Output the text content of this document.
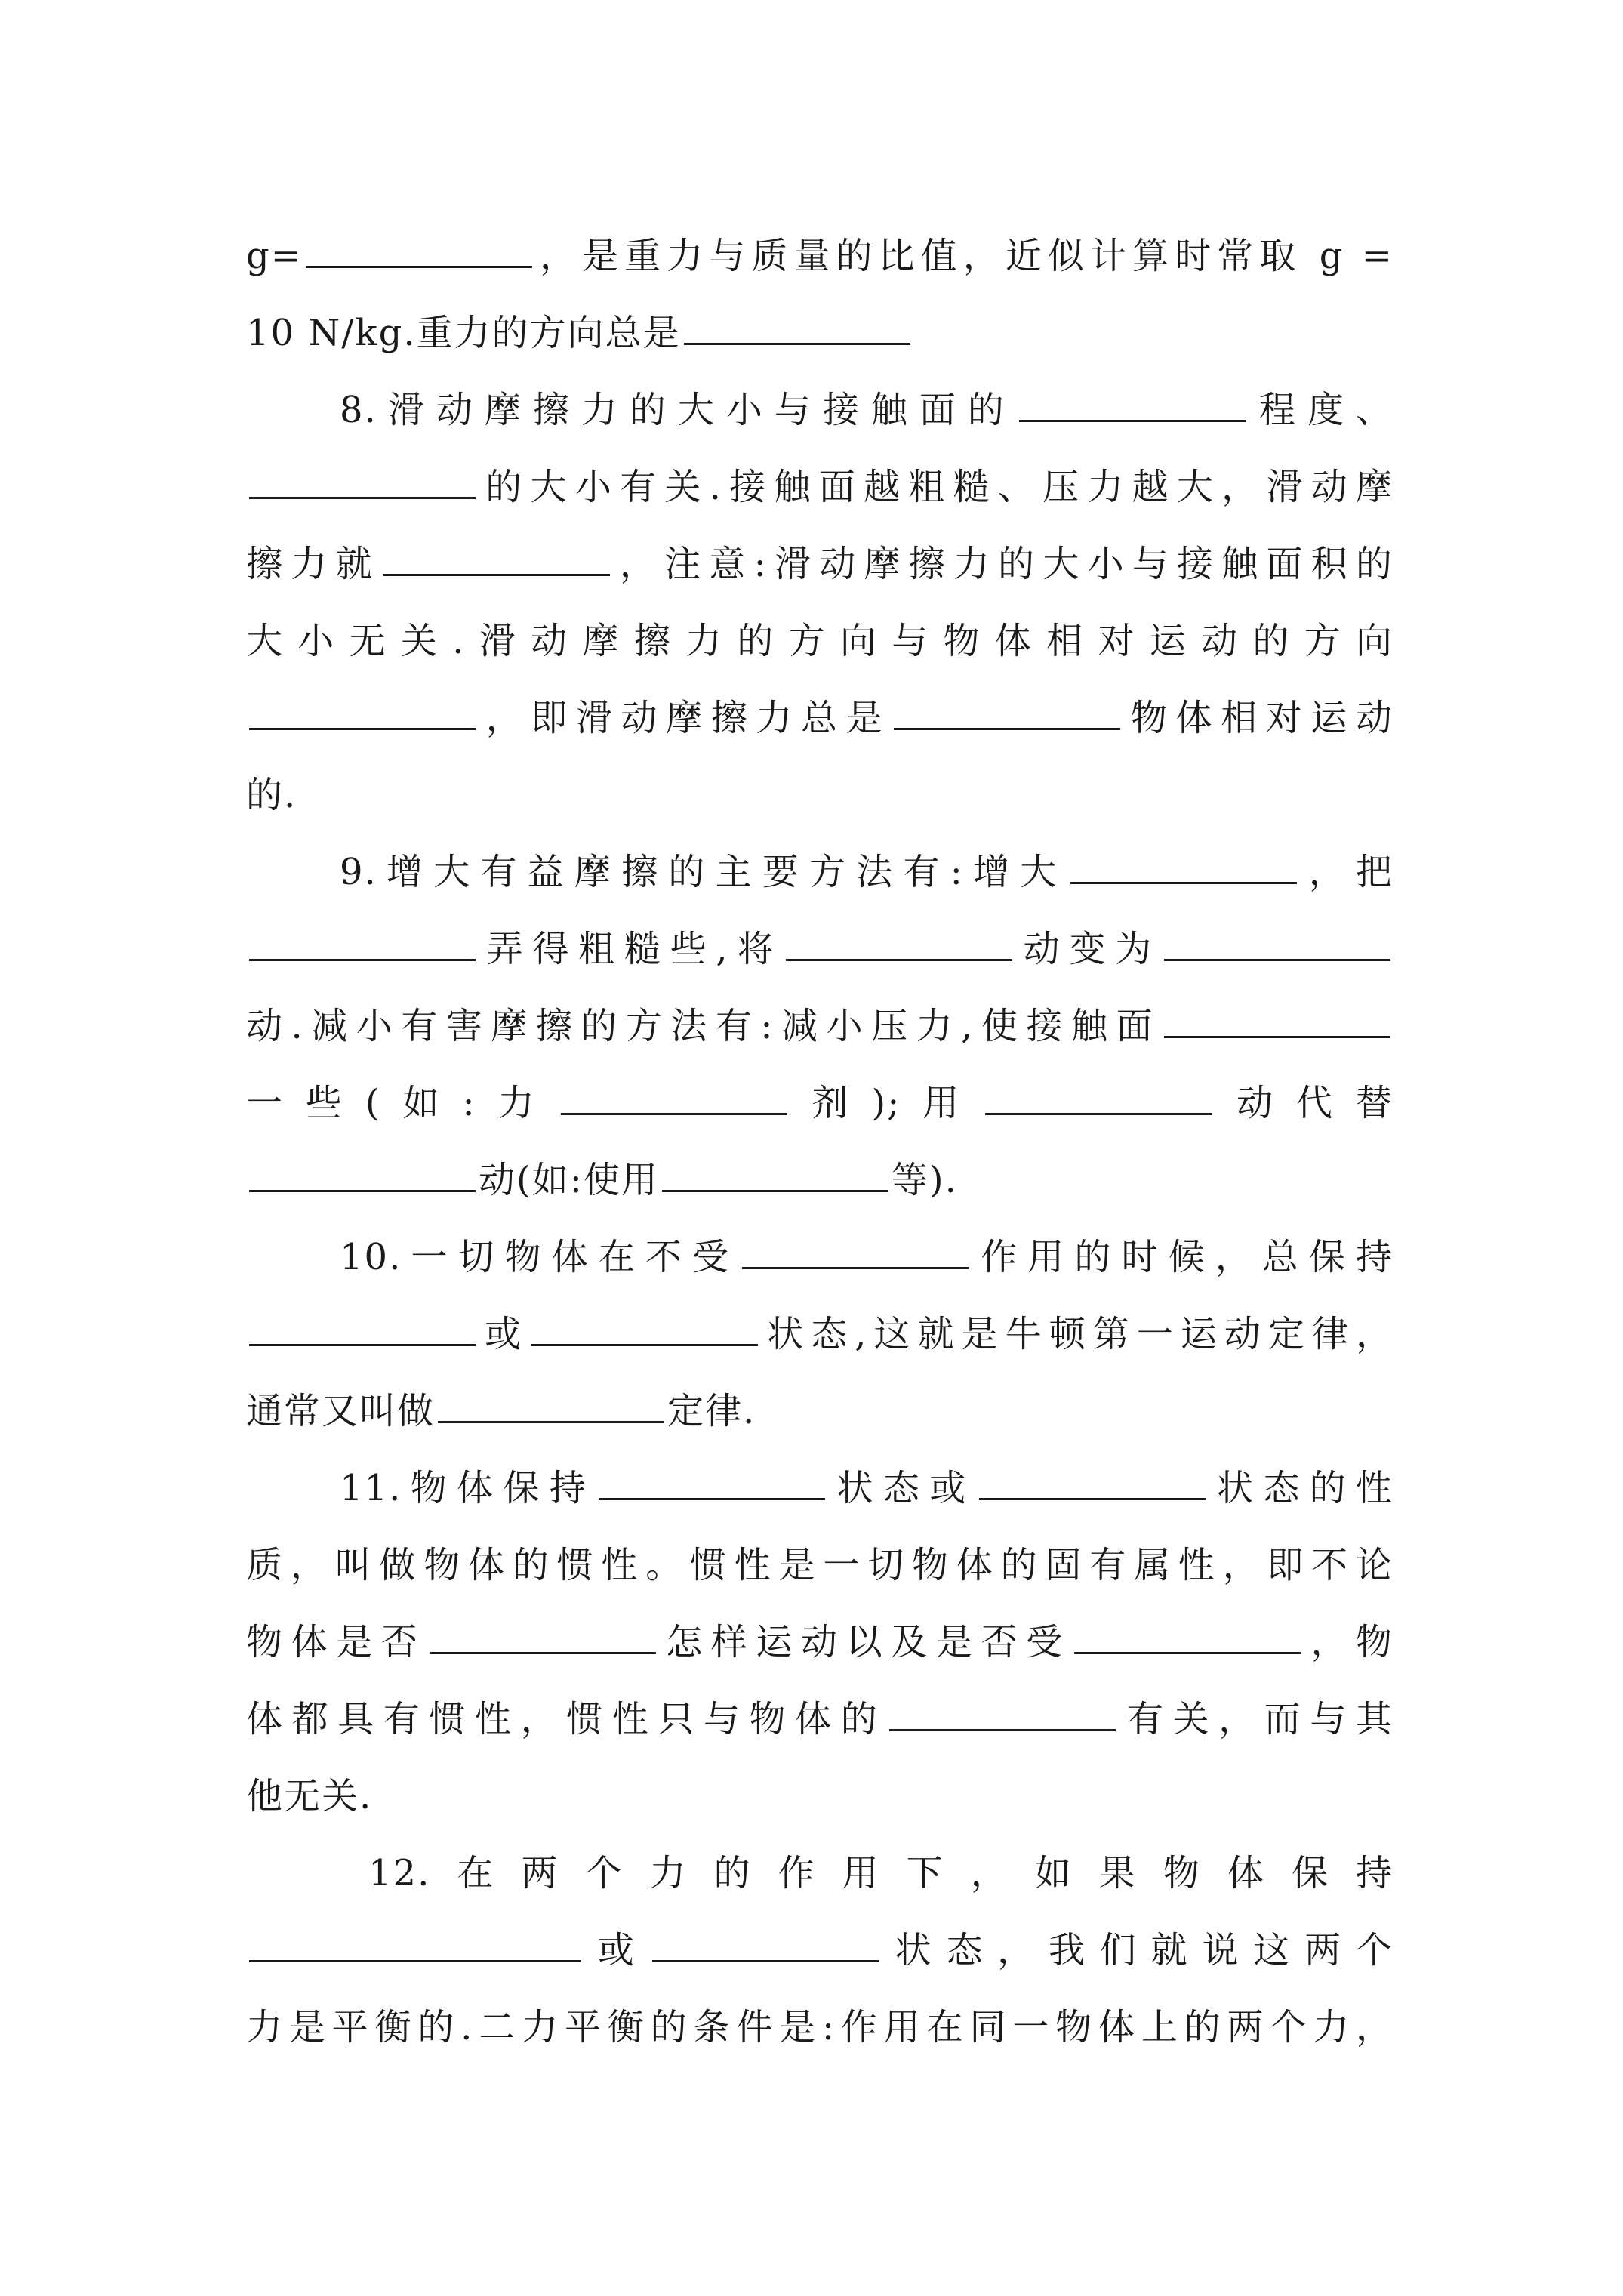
g=	，是重力与质量的比值，近似计算时常取 g =
10 N/kg.重力的方向总是
8.滑动摩擦力的大小与接触面的	程度、
的大小有关.接触面越粗糙、压力越大，滑动摩
擦力就	，注意:滑动摩擦力的大小与接触面积的
大小无关.滑动摩擦力的方向与物体相对运动的方向
，即滑动摩擦力总是	物体相对运动
的.
9.增大有益摩擦的主要方法有:增大	，把
弄得粗糙些,将	动变为
动.减小有害摩擦的方法有:减小压力,使接触面
一些(如:力	剂);用	动代替
动(如:使用	等).
10.一切物体在不受	作用的时候，总保持
或	状态,这就是牛顿第一运动定律，
通常又叫做	定律.
11.物体保持	状态或	状态的性
质，叫做物体的惯性。惯性是一切物体的固有属性，即不论
物体是否	怎样运动以及是否受	，物
体都具有惯性，惯性只与物体的	有关，而与其
他无关.
12.在两个力的作用下，如果物体保持
或	状态，我们就说这两个
力是平衡的.二力平衡的条件是:作用在同一物体上的两个力，
